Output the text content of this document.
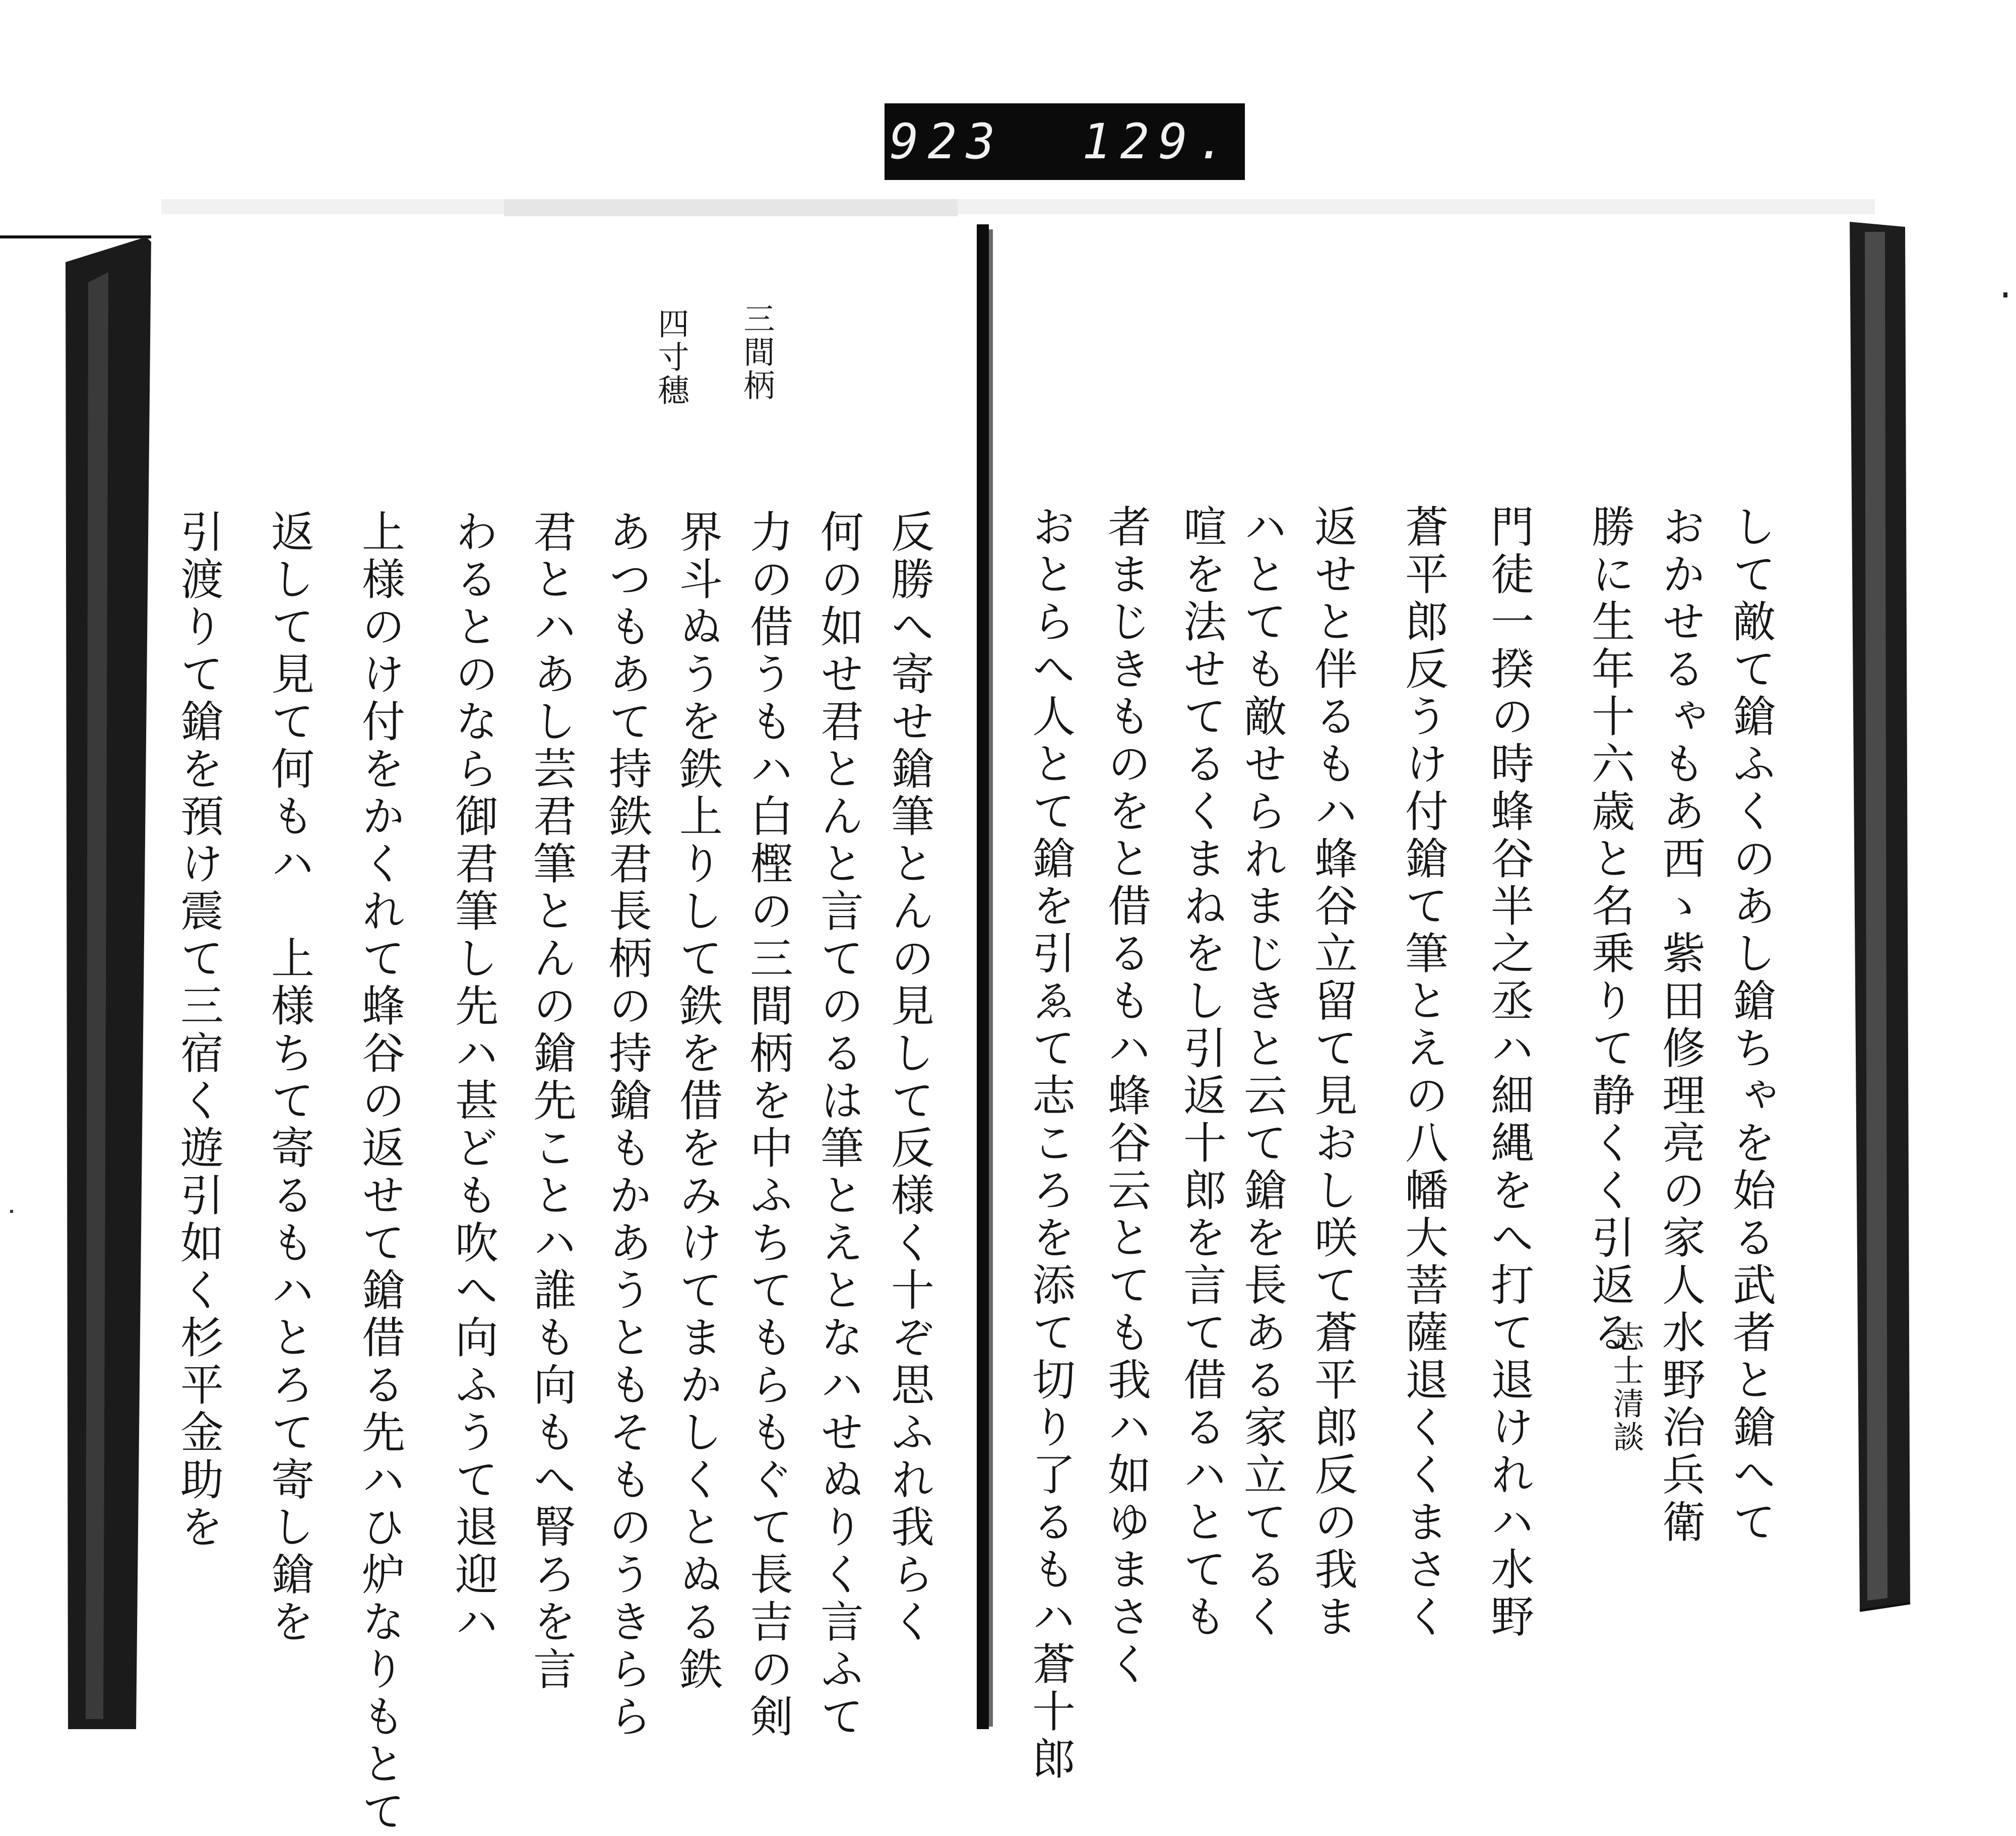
923 129.
三間柄
四寸穗
反勝へ寄せ鎗筆とんの見して反様く十ぞ思ふれ我らく
何の如せ君とんと言てのるは筆とえとなハせぬりく言ふて
力の借うもハ白樫の三間柄を中ふちてもらもぐて長吉の剣
界斗ぬうを鉄上りして鉄を借をみけてまかしくとぬる鉄
あつもあて持鉄君長柄の持鎗もかあうともそものうきらら
君とハあし芸君筆とんの鎗先ことハ誰も向もへ腎ろを言
わるとのなら御君筆し先ハ甚ども吹へ向ふうて退迎ハ
上様のけ付をかくれて蜂谷の返せて鎗借る先ハひ炉なりもとて
返して見て何もハ　上様ちて寄るもハとろて寄し鎗を
引渡りて鎗を預け震て三宿く遊引如く杉平金助を	して敵て鎗ふくのあし鎗ちゃを始る武者と鎗へて
おかせるゃもあ西ゝ紫田修理亮の家人水野治兵衛
勝に生年十六歳と名乗りて静くく引返る
志士清談
門徒一揆の時蜂谷半之丞ハ細縄をへ打て退けれハ水野
蒼平郎反うけ付鎗て筆とえの八幡大菩薩退くくまさく
返せと伴るもハ蜂谷立留て見おし咲て蒼平郎反の我ま
ハとても敵せられまじきと云て鎗を長ある家立てるく
喧を法せてるくまねをし引返十郎を言て借るハとても
者まじきものをと借るもハ蜂谷云とても我ハ如ゆまさく
おとらへ人とて鎗を引ゑて志ころを添て切り了るもハ蒼十郎
